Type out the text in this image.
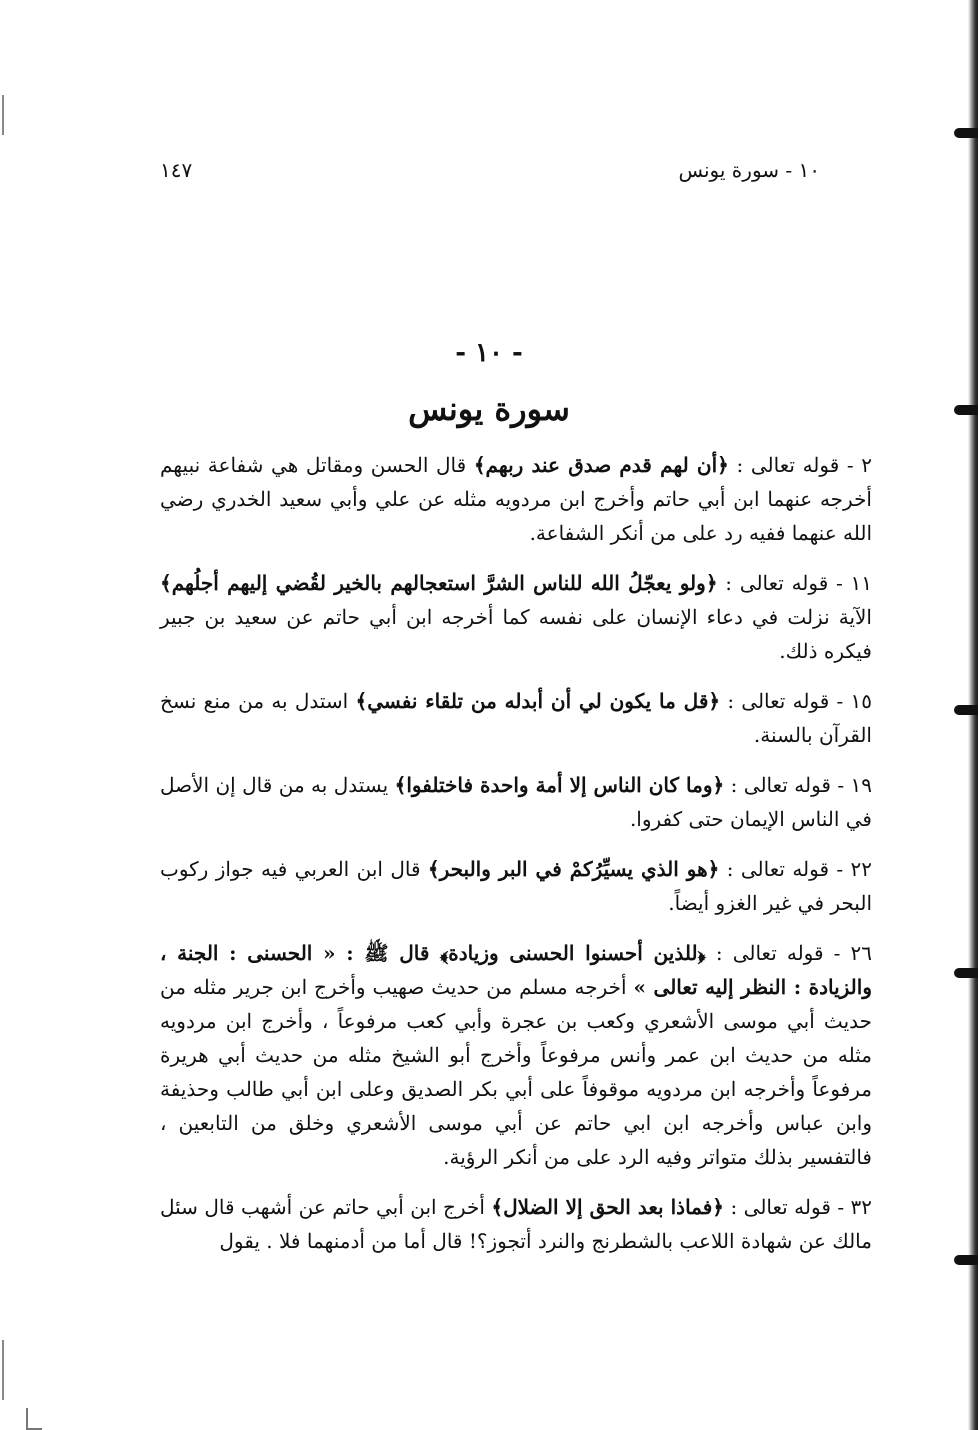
١٠ - سورة يونس
١٤٧
- ١٠ -
سورة يونس

٢ - قوله تعالى : ﴿أن لهم قدم صدق عند ربهم﴾ قال الحسن ومقاتل هي شفاعة نبيهم أخرجه عنهما ابن أبي حاتم وأخرج ابن مردويه مثله عن علي وأبي سعيد الخدري رضي الله عنهما ففيه رد على من أنكر الشفاعة.

١١ - قوله تعالى : ﴿ولو يعجّلُ الله للناس الشرَّ استعجالهم بالخير لقُضي إليهم أجلُهم﴾ الآية نزلت في دعاء الإنسان على نفسه كما أخرجه ابن أبي حاتم عن سعيد بن جبير فيكره ذلك.

١٥ - قوله تعالى : ﴿قل ما يكون لي أن أبدله من تلقاء نفسي﴾ استدل به من منع نسخ القرآن بالسنة.

١٩ - قوله تعالى : ﴿وما كان الناس إلا أمة واحدة فاختلفوا﴾ يستدل به من قال إن الأصل في الناس الإيمان حتى كفروا.

٢٢ - قوله تعالى : ﴿هو الذي يسيِّرُكمْ في البر والبحر﴾ قال ابن العربي فيه جواز ركوب البحر في غير الغزو أيضاً.

٢٦ - قوله تعالى : ﴿للذين أحسنوا الحسنى وزيادة﴾ قال ﷺ : « الحسنى : الجنة ، والزيادة : النظر إليه تعالى » أخرجه مسلم من حديث صهيب وأخرج ابن جرير مثله من حديث أبي موسى الأشعري وكعب بن عجرة وأبي كعب مرفوعاً ، وأخرج ابن مردويه مثله من حديث ابن عمر وأنس مرفوعاً وأخرج أبو الشيخ مثله من حديث أبي هريرة مرفوعاً وأخرجه ابن مردويه موقوفاً على أبي بكر الصديق وعلى ابن أبي طالب وحذيفة وابن عباس وأخرجه ابن ابي حاتم عن أبي موسى الأشعري وخلق من التابعين ، فالتفسير بذلك متواتر وفيه الرد على من أنكر الرؤية.

٣٢ - قوله تعالى : ﴿فماذا بعد الحق إلا الضلال﴾ أخرج ابن أبي حاتم عن أشهب قال سئل مالك عن شهادة اللاعب بالشطرنج والنرد أتجوز؟! قال أما من أدمنهما فلا . يقول
